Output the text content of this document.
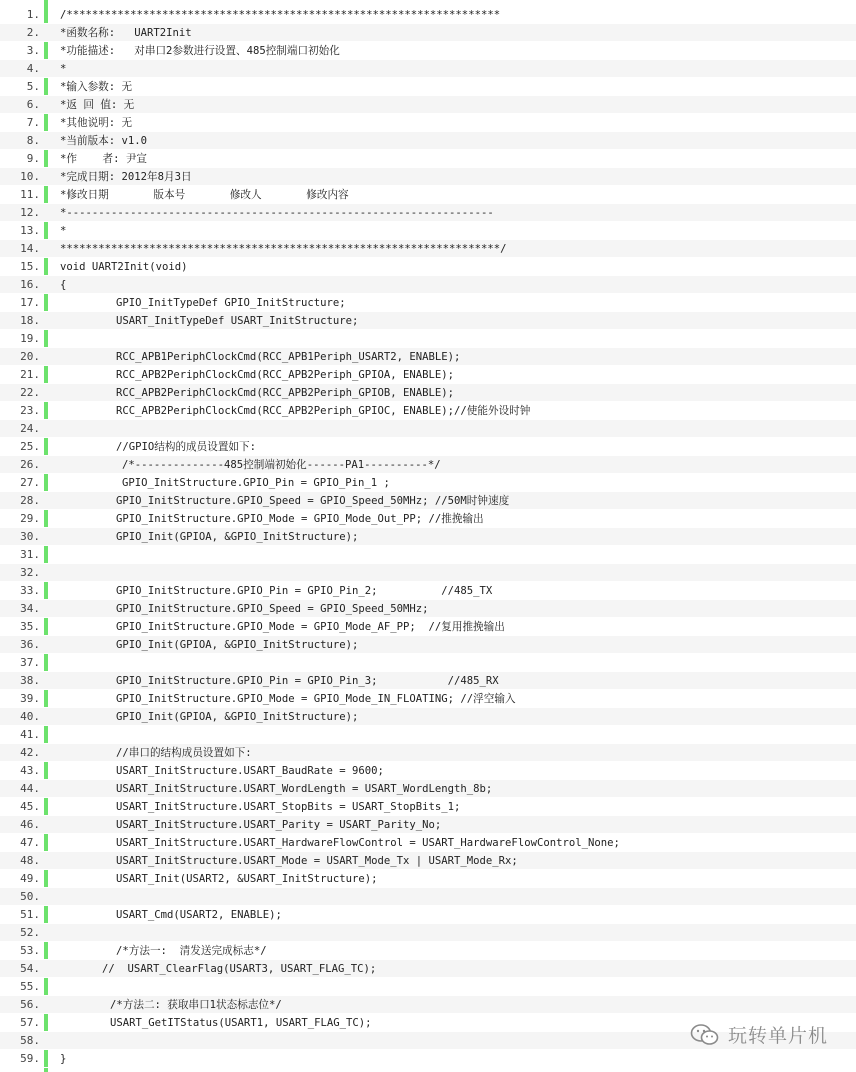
1. /********************************************************************
2. *函数名称:   UART2Init
3. *功能描述:   对串口2参数进行设置、485控制端口初始化
4. *
5. *输入参数: 无
6. *返 回 值: 无
7. *其他说明: 无
8. *当前版本: v1.0
9. *作    者: 尹宣
10. *完成日期: 2012年8月3日
11. *修改日期       版本号       修改人       修改内容
12. *-------------------------------------------------------------------
13. *
14. *********************************************************************/
15. void UART2Init(void)
16. {
17.	GPIO_InitTypeDef GPIO_InitStructure;
18.	USART_InitTypeDef USART_InitStructure;
19.
20.	RCC_APB1PeriphClockCmd(RCC_APB1Periph_USART2, ENABLE);
21.	RCC_APB2PeriphClockCmd(RCC_APB2Periph_GPIOA, ENABLE);
22.	RCC_APB2PeriphClockCmd(RCC_APB2Periph_GPIOB, ENABLE);
23.	RCC_APB2PeriphClockCmd(RCC_APB2Periph_GPIOC, ENABLE);//使能外设时钟
24.
25.	//GPIO结构的成员设置如下:
26.	/*--------------485控制端初始化------PA1----------*/
27.	GPIO_InitStructure.GPIO_Pin = GPIO_Pin_1 ;
28.	GPIO_InitStructure.GPIO_Speed = GPIO_Speed_50MHz; //50M时钟速度
29.	GPIO_InitStructure.GPIO_Mode = GPIO_Mode_Out_PP; //推挽输出
30.	GPIO_Init(GPIOA, &GPIO_InitStructure);
31.
32.
33.	GPIO_InitStructure.GPIO_Pin = GPIO_Pin_2;          //485_TX
34.	GPIO_InitStructure.GPIO_Speed = GPIO_Speed_50MHz;
35.	GPIO_InitStructure.GPIO_Mode = GPIO_Mode_AF_PP;  //复用推挽输出
36.	GPIO_Init(GPIOA, &GPIO_InitStructure);
37.
38.	GPIO_InitStructure.GPIO_Pin = GPIO_Pin_3;           //485_RX
39.	GPIO_InitStructure.GPIO_Mode = GPIO_Mode_IN_FLOATING; //浮空输入
40.	GPIO_Init(GPIOA, &GPIO_InitStructure);
41.
42.	//串口的结构成员设置如下:
43.	USART_InitStructure.USART_BaudRate = 9600;
44.	USART_InitStructure.USART_WordLength = USART_WordLength_8b;
45.	USART_InitStructure.USART_StopBits = USART_StopBits_1;
46.	USART_InitStructure.USART_Parity = USART_Parity_No;
47.	USART_InitStructure.USART_HardwareFlowControl = USART_HardwareFlowControl_None;
48.	USART_InitStructure.USART_Mode = USART_Mode_Tx | USART_Mode_Rx;
49.	USART_Init(USART2, &USART_InitStructure);
50.
51.	USART_Cmd(USART2, ENABLE);
52.
53.	/*方法一:  清发送完成标志*/
54.	//  USART_ClearFlag(USART3, USART_FLAG_TC);
55.
56.	/*方法二: 获取串口1状态标志位*/
57.	USART_GetITStatus(USART1, USART_FLAG_TC);
58.
59. }
玩转单片机
